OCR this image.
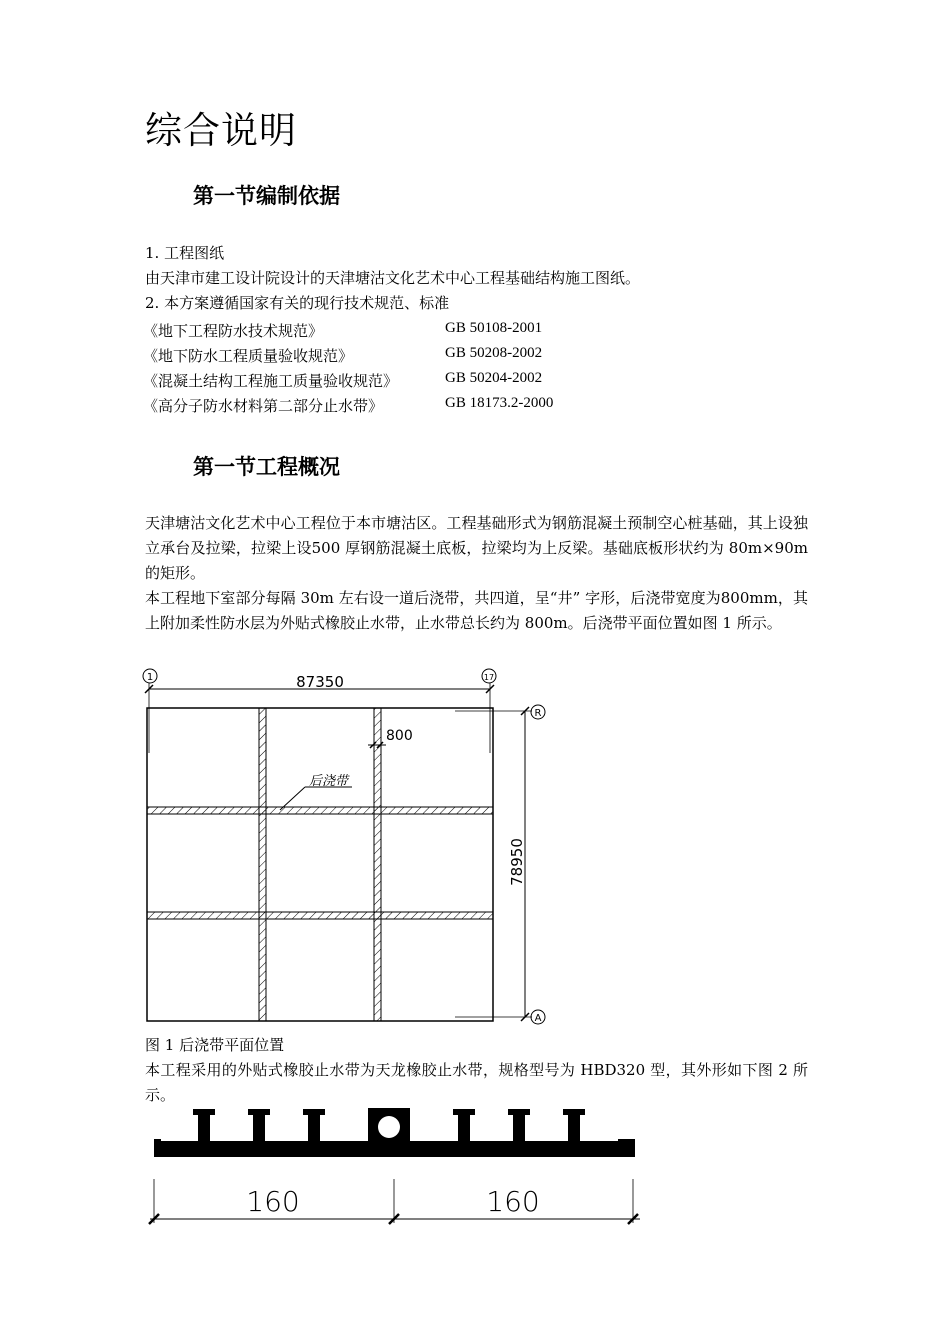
综合说明
第一节编制依据
1. 工程图纸
由天津市建工设计院设计的天津塘沽文化艺术中心工程基础结构施工图纸。
2. 本方案遵循国家有关的现行技术规范、标准
《地下工程防水技术规范》	GB 50108-2001
《地下防水工程质量验收规范》	GB 50208-2002
《混凝土结构工程施工质量验收规范》	GB 50204-2002
《高分子防水材料第二部分止水带》	GB 18173.2-2000
第一节工程概况
天津塘沽文化艺术中心工程位于本市塘沽区。工程基础形式为钢筋混凝土预制空心桩基础，其上设独立承台及拉梁，拉梁上设500 厚钢筋混凝土底板，拉梁均为上反梁。基础底板形状约为 80m×90m 的矩形。
本工程地下室部分每隔 30m 左右设一道后浇带，共四道，呈“井” 字形，后浇带宽度为800mm，其上附加柔性防水层为外贴式橡胶止水带，止水带总长约为 800m。后浇带平面位置如图 1 所示。
87350
1	17
78950
R
A
800
后浇带
图 1 后浇带平面位置
本工程采用的外贴式橡胶止水带为天龙橡胶止水带，规格型号为 HBD320 型，其外形如下图 2 所示。
160	160
